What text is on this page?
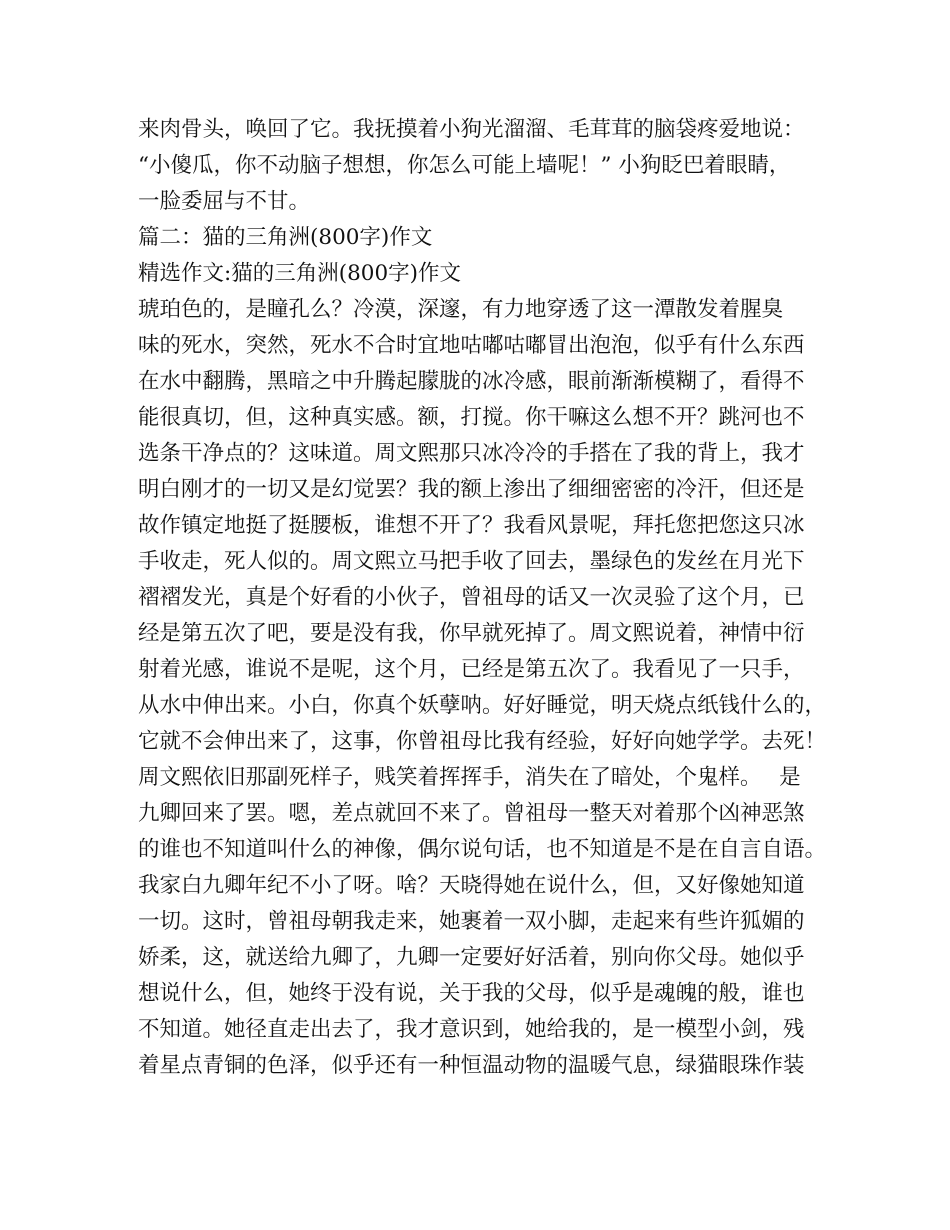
来肉骨头，唤回了它。我抚摸着小狗光溜溜、毛茸茸的脑袋疼爱地说：
“小傻瓜，你不动脑子想想，你怎么可能上墙呢！” 小狗眨巴着眼睛，
一脸委屈与不甘。
篇二：猫的三角洲(800字)作文
精选作文:猫的三角洲(800字)作文
琥珀色的，是瞳孔么？冷漠，深邃，有力地穿透了这一潭散发着腥臭
味的死水，突然，死水不合时宜地咕嘟咕嘟冒出泡泡，似乎有什么东西
在水中翻腾，黑暗之中升腾起朦胧的冰冷感，眼前渐渐模糊了，看得不
能很真切，但，这种真实感。额，打搅。你干嘛这么想不开？跳河也不
选条干净点的？这味道。周文熙那只冰冷冷的手搭在了我的背上，我才
明白刚才的一切又是幻觉罢？我的额上渗出了细细密密的冷汗，但还是
故作镇定地挺了挺腰板，谁想不开了？我看风景呢，拜托您把您这只冰
手收走，死人似的。周文熙立马把手收了回去，墨绿色的发丝在月光下
褶褶发光，真是个好看的小伙子，曾祖母的话又一次灵验了这个月，已
经是第五次了吧，要是没有我，你早就死掉了。周文熙说着，神情中衍
射着光感，谁说不是呢，这个月，已经是第五次了。我看见了一只手，
从水中伸出来。小白，你真个妖孽呐。好好睡觉，明天烧点纸钱什么的，
它就不会伸出来了，这事，你曾祖母比我有经验，好好向她学学。去死！
周文熙依旧那副死样子，贱笑着挥挥手，消失在了暗处，个鬼样。　 是
九卿回来了罢。嗯，差点就回不来了。曾祖母一整天对着那个凶神恶煞
的谁也不知道叫什么的神像，偶尔说句话，也不知道是不是在自言自语。
我家白九卿年纪不小了呀。啥？天晓得她在说什么，但，又好像她知道
一切。这时，曾祖母朝我走来，她裹着一双小脚，走起来有些许狐媚的
娇柔，这，就送给九卿了，九卿一定要好好活着，别向你父母。她似乎
想说什么，但，她终于没有说，关于我的父母，似乎是魂魄的般，谁也
不知道。她径直走出去了，我才意识到，她给我的，是一模型小剑，残
着星点青铜的色泽，似乎还有一种恒温动物的温暖气息，绿猫眼珠作装
